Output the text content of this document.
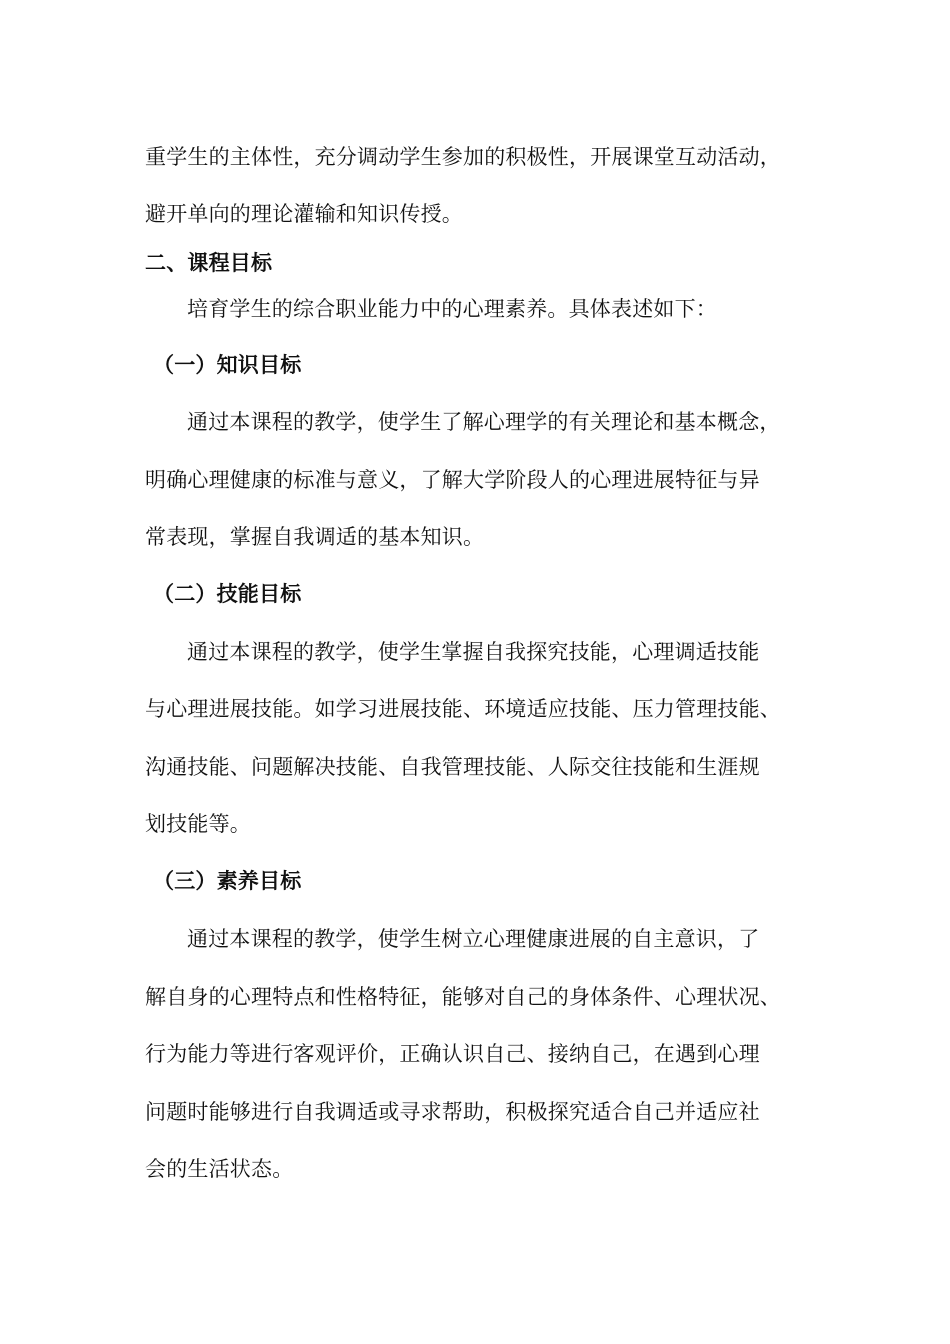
重学生的主体性，充分调动学生参加的积极性，开展课堂互动活动，
避开单向的理论灌输和知识传授。
二、课程目标
培育学生的综合职业能力中的心理素养。具体表述如下：
（一）知识目标
通过本课程的教学，使学生了解心理学的有关理论和基本概念，
明确心理健康的标准与意义，了解大学阶段人的心理进展特征与异
常表现，掌握自我调适的基本知识。
（二）技能目标
通过本课程的教学，使学生掌握自我探究技能，心理调适技能
与心理进展技能。如学习进展技能、环境适应技能、压力管理技能、
沟通技能、问题解决技能、自我管理技能、人际交往技能和生涯规
划技能等。
（三）素养目标
通过本课程的教学，使学生树立心理健康进展的自主意识，了
解自身的心理特点和性格特征，能够对自己的身体条件、心理状况、
行为能力等进行客观评价，正确认识自己、接纳自己，在遇到心理
问题时能够进行自我调适或寻求帮助，积极探究适合自己并适应社
会的生活状态。
